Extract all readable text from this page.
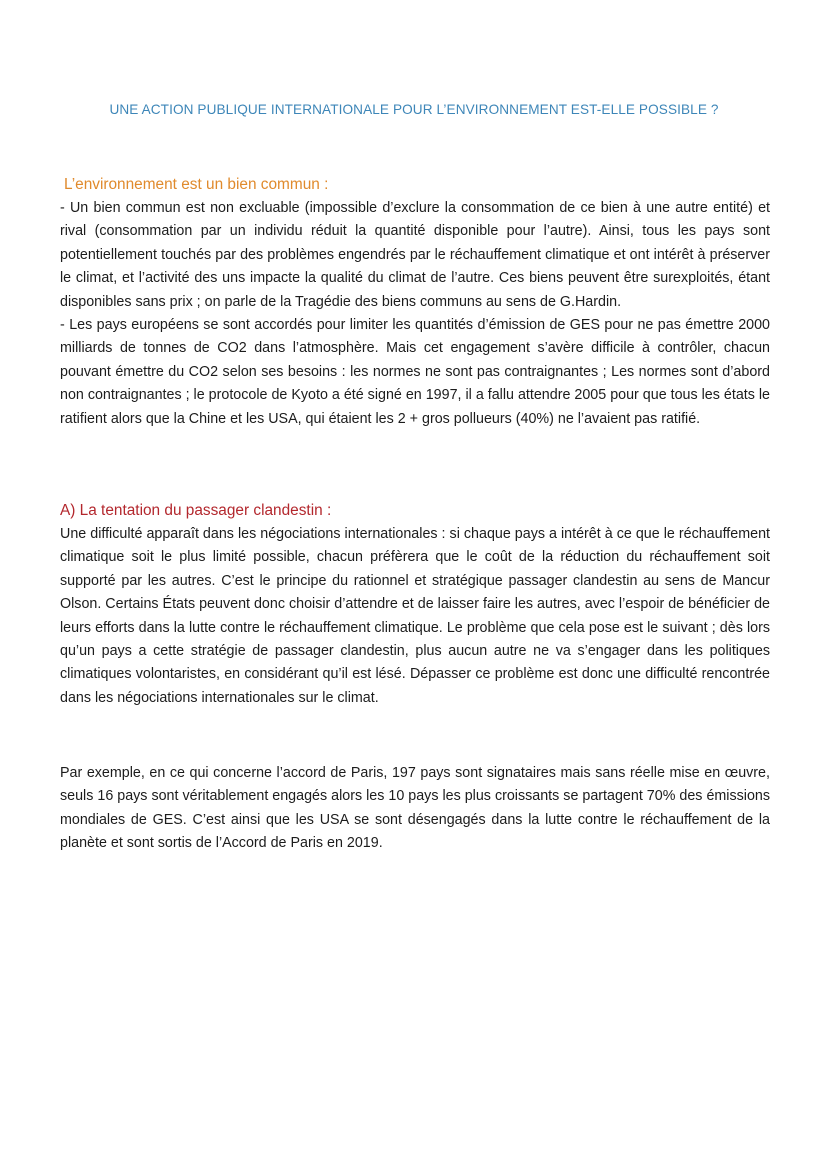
UNE ACTION PUBLIQUE INTERNATIONALE POUR L’ENVIRONNEMENT EST-ELLE POSSIBLE ?
L’environnement est un bien commun :

- Un bien commun est non excluable (impossible d’exclure la consommation de ce bien à une autre entité) et rival (consommation par un individu réduit la quantité disponible pour l’autre). Ainsi, tous les pays sont potentiellement touchés par des problèmes engendrés par le réchauffement climatique et ont intérêt à préserver le climat, et l’activité des uns impacte la qualité du climat de l’autre. Ces biens peuvent être surexploités, étant disponibles sans prix ; on parle de la Tragédie des biens communs au sens de G.Hardin.

- Les pays européens se sont accordés pour limiter les quantités d’émission de GES pour ne pas émettre 2000 milliards de tonnes de CO2 dans l’atmosphère. Mais cet engagement s’avère difficile à contrôler, chacun pouvant émettre du CO2 selon ses besoins : les normes ne sont pas contraignantes ; Les normes sont d’abord non contraignantes ; le protocole de Kyoto a été signé en 1997, il a fallu attendre 2005 pour que tous les états le ratifient alors que la Chine et les USA, qui étaient les 2 + gros pollueurs (40%) ne l’avaient pas ratifié.

A) La tentation du passager clandestin :

Une difficulté apparaît dans les négociations internationales : si chaque pays a intérêt à ce que le réchauffement climatique soit le plus limité possible, chacun préfèrera que le coût de la réduction du réchauffement soit supporté par les autres. C’est le principe du rationnel et stratégique passager clandestin au sens de Mancur Olson. Certains États peuvent donc choisir d’attendre et de laisser faire les autres, avec l’espoir de bénéficier de leurs efforts dans la lutte contre le réchauffement climatique. Le problème que cela pose est le suivant ; dès lors qu’un pays a cette stratégie de passager clandestin, plus aucun autre ne va s’engager dans les politiques climatiques volontaristes, en considérant qu’il est lésé. Dépasser ce problème est donc une difficulté rencontrée dans les négociations internationales sur le climat.

Par exemple, en ce qui concerne l’accord de Paris, 197 pays sont signataires mais sans réelle mise en œuvre, seuls 16 pays sont véritablement engagés alors les 10 pays les plus croissants se partagent 70% des émissions mondiales de GES. C’est ainsi que les USA se sont désengagés dans la lutte contre le réchauffement de la planète et sont sortis de l’Accord de Paris en 2019.
